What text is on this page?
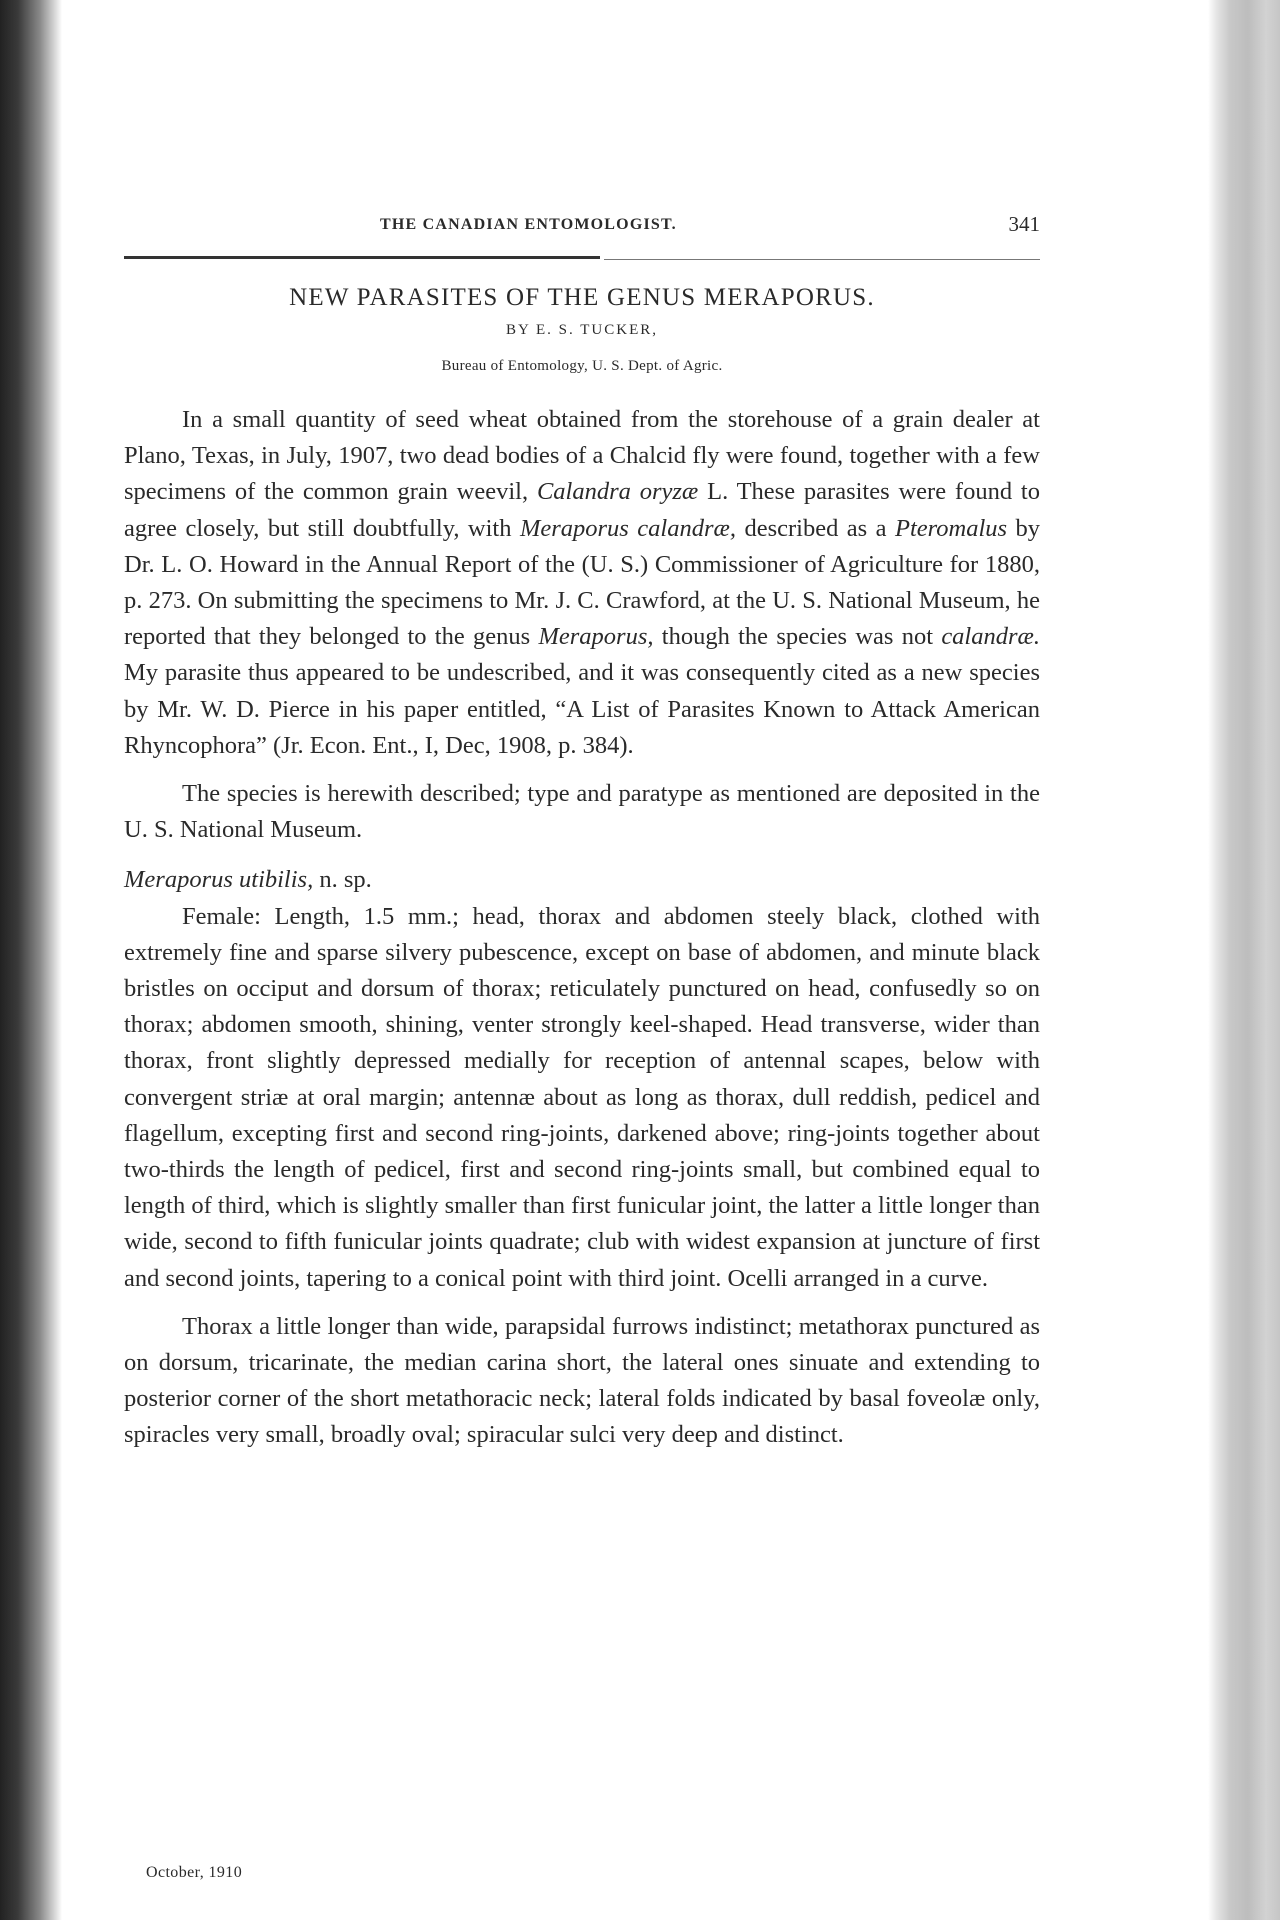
THE CANADIAN ENTOMOLOGIST.	341
NEW PARASITES OF THE GENUS MERAPORUS.
BY E. S. TUCKER,
Bureau of Entomology, U. S. Dept. of Agric.

In a small quantity of seed wheat obtained from the storehouse of a grain dealer at Plano, Texas, in July, 1907, two dead bodies of a Chalcid fly were found, together with a few specimens of the common grain weevil, Calandra oryzæ L. These parasites were found to agree closely, but still doubtfully, with Meraporus calandræ, described as a Pteromalus by Dr. L. O. Howard in the Annual Report of the (U. S.) Commissioner of Agriculture for 1880, p. 273. On submitting the specimens to Mr. J. C. Crawford, at the U. S. National Museum, he reported that they belonged to the genus Meraporus, though the species was not calandræ. My parasite thus appeared to be undescribed, and it was consequently cited as a new species by Mr. W. D. Pierce in his paper entitled, “A List of Parasites Known to Attack American Rhyncophora” (Jr. Econ. Ent., I, Dec, 1908, p. 384).

The species is herewith described; type and paratype as mentioned are deposited in the U. S. National Museum.

Meraporus utibilis, n. sp.

Female: Length, 1.5 mm.; head, thorax and abdomen steely black, clothed with extremely fine and sparse silvery pubescence, except on base of abdomen, and minute black bristles on occiput and dorsum of thorax; reticulately punctured on head, confusedly so on thorax; abdomen smooth, shining, venter strongly keel-shaped. Head transverse, wider than thorax, front slightly depressed medially for reception of antennal scapes, below with convergent striæ at oral margin; antennæ about as long as thorax, dull reddish, pedicel and flagellum, excepting first and second ring-joints, darkened above; ring-joints together about two-thirds the length of pedicel, first and second ring-joints small, but combined equal to length of third, which is slightly smaller than first funicular joint, the latter a little longer than wide, second to fifth funicular joints quadrate; club with widest expansion at juncture of first and second joints, tapering to a conical point with third joint. Ocelli arranged in a curve.

Thorax a little longer than wide, parapsidal furrows indistinct; metathorax punctured as on dorsum, tricarinate, the median carina short, the lateral ones sinuate and extending to posterior corner of the short metathoracic neck; lateral folds indicated by basal foveolæ only, spiracles very small, broadly oval; spiracular sulci very deep and distinct.

October, 1910
